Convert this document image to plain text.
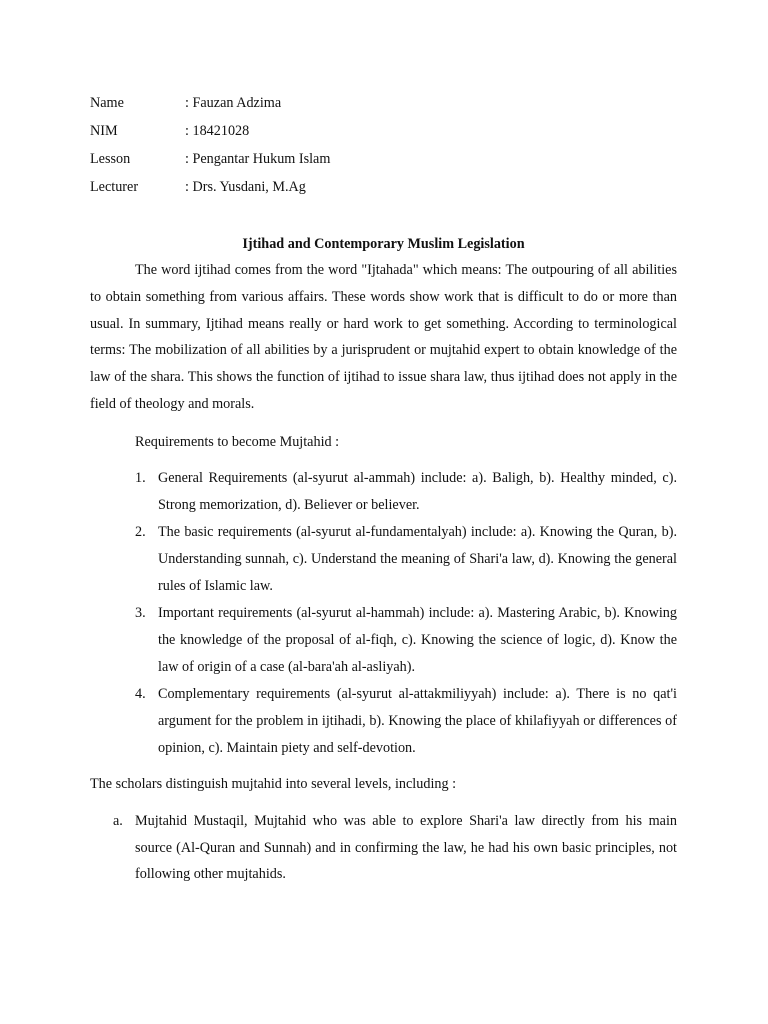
Name	: Fauzan Adzima
NIM	: 18421028
Lesson	: Pengantar Hukum Islam
Lecturer	: Drs. Yusdani, M.Ag
Ijtihad and Contemporary Muslim Legislation

The word ijtihad comes from the word "Ijtahada" which means: The outpouring of all abilities to obtain something from various affairs. These words show work that is difficult to do or more than usual. In summary, Ijtihad means really or hard work to get something. According to terminological terms: The mobilization of all abilities by a jurisprudent or mujtahid expert to obtain knowledge of the law of the shara. This shows the function of ijtihad to issue shara law, thus ijtihad does not apply in the field of theology and morals.

Requirements to become Mujtahid :
1. General Requirements (al-syurut al-ammah) include: a). Baligh, b). Healthy minded, c). Strong memorization, d). Believer or believer.
2. The basic requirements (al-syurut al-fundamentalyah) include: a). Knowing the Quran, b). Understanding sunnah, c). Understand the meaning of Shari'a law, d). Knowing the general rules of Islamic law.
3. Important requirements (al-syurut al-hammah) include: a). Mastering Arabic, b). Knowing the knowledge of the proposal of al-fiqh, c). Knowing the science of logic, d). Know the law of origin of a case (al-bara'ah al-asliyah).
4. Complementary requirements (al-syurut al-attakmiliyyah) include: a). There is no qat'i argument for the problem in ijtihadi, b). Knowing the place of khilafiyyah or differences of opinion, c). Maintain piety and self-devotion.
The scholars distinguish mujtahid into several levels, including :
a. Mujtahid Mustaqil, Mujtahid who was able to explore Shari'a law directly from his main source (Al-Quran and Sunnah) and in confirming the law, he had his own basic principles, not following other mujtahids.
